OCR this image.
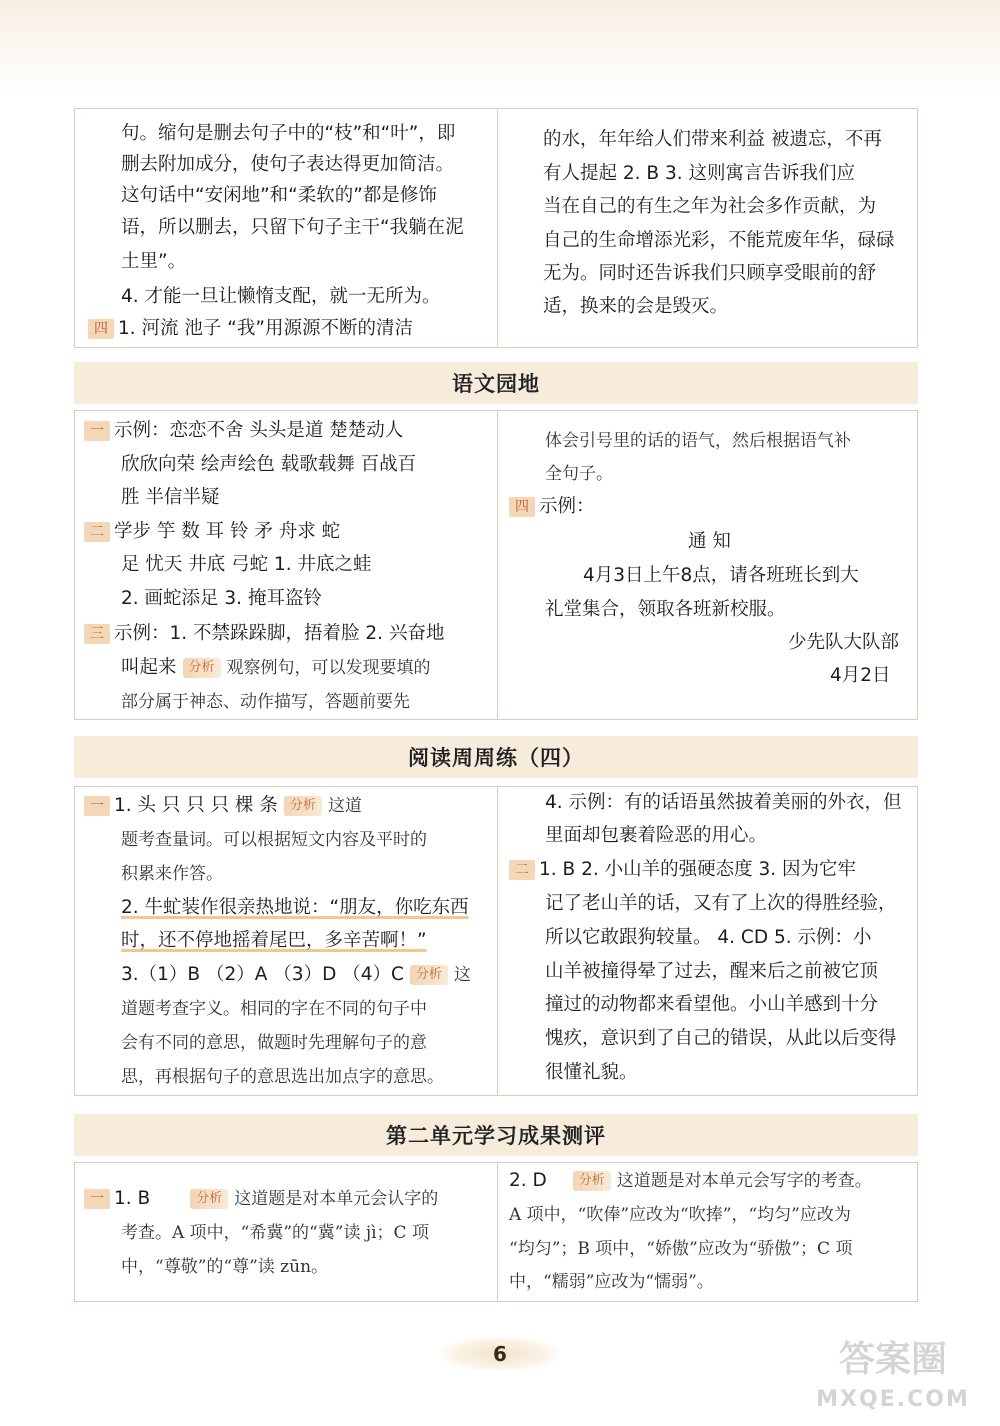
句。缩句是删去句子中的“枝”和“叶”，即
删去附加成分，使句子表达得更加简洁。
这句话中“安闲地”和“柔软的”都是修饰
语，所以删去，只留下句子主干“我躺在泥
土里”。
4. 才能一旦让懒惰支配，就一无所为。
四 1. 河流 池子 “我”用源源不断的清洁
的水，年年给人们带来利益 被遗忘，不再
有人提起 2. B 3. 这则寓言告诉我们应
当在自己的有生之年为社会多作贡献，为
自己的生命增添光彩，不能荒废年华，碌碌
无为。同时还告诉我们只顾享受眼前的舒
适，换来的会是毁灭。
语文园地
一 示例：恋恋不舍 头头是道 楚楚动人
欣欣向荣 绘声绘色 载歌载舞 百战百
胜 半信半疑
二 学步 竽 数 耳 铃 矛 舟求 蛇
足 忧天 井底 弓蛇 1. 井底之蛙
2. 画蛇添足 3. 掩耳盗铃
三 示例：1. 不禁跺跺脚，捂着脸 2. 兴奋地
叫起来 分析 观察例句，可以发现要填的
部分属于神态、动作描写，答题前要先
体会引号里的话的语气，然后根据语气补
全句子。
四 示例：
通 知
4月3日上午8点，请各班班长到大
礼堂集合，领取各班新校服。
少先队大队部
4月2日
阅读周周练（四）
一 1. 头 只 只 只 棵 条 分析 这道
题考查量词。可以根据短文内容及平时的
积累来作答。
2. 牛虻装作很亲热地说：“朋友，你吃东西
时，还不停地摇着尾巴，多辛苦啊！”
3.（1）B （2）A （3）D （4）C 分析 这
道题考查字义。相同的字在不同的句子中
会有不同的意思，做题时先理解句子的意
思，再根据句子的意思选出加点字的意思。
4. 示例：有的话语虽然披着美丽的外衣，但
里面却包裹着险恶的用心。
二 1. B 2. 小山羊的强硬态度 3. 因为它牢
记了老山羊的话，又有了上次的得胜经验，
所以它敢跟狗较量。 4. CD 5. 示例：小
山羊被撞得晕了过去，醒来后之前被它顶
撞过的动物都来看望他。小山羊感到十分
愧疚，意识到了自己的错误，从此以后变得
很懂礼貌。
第二单元学习成果测评
一 1. B	分析 这道题是对本单元会认字的
考查。A 项中，“希冀”的“冀”读 jì；C 项
中，“尊敬”的“尊”读 zūn。
2. D 分析 这道题是对本单元会写字的考查。
A 项中，“吹俸”应改为“吹捧”，“均匀”应改为
“均匀”；B 项中，“娇傲”应改为“骄傲”；C 项
中，“糯弱”应改为“懦弱”。
6	答案圈
MXQE.COM
